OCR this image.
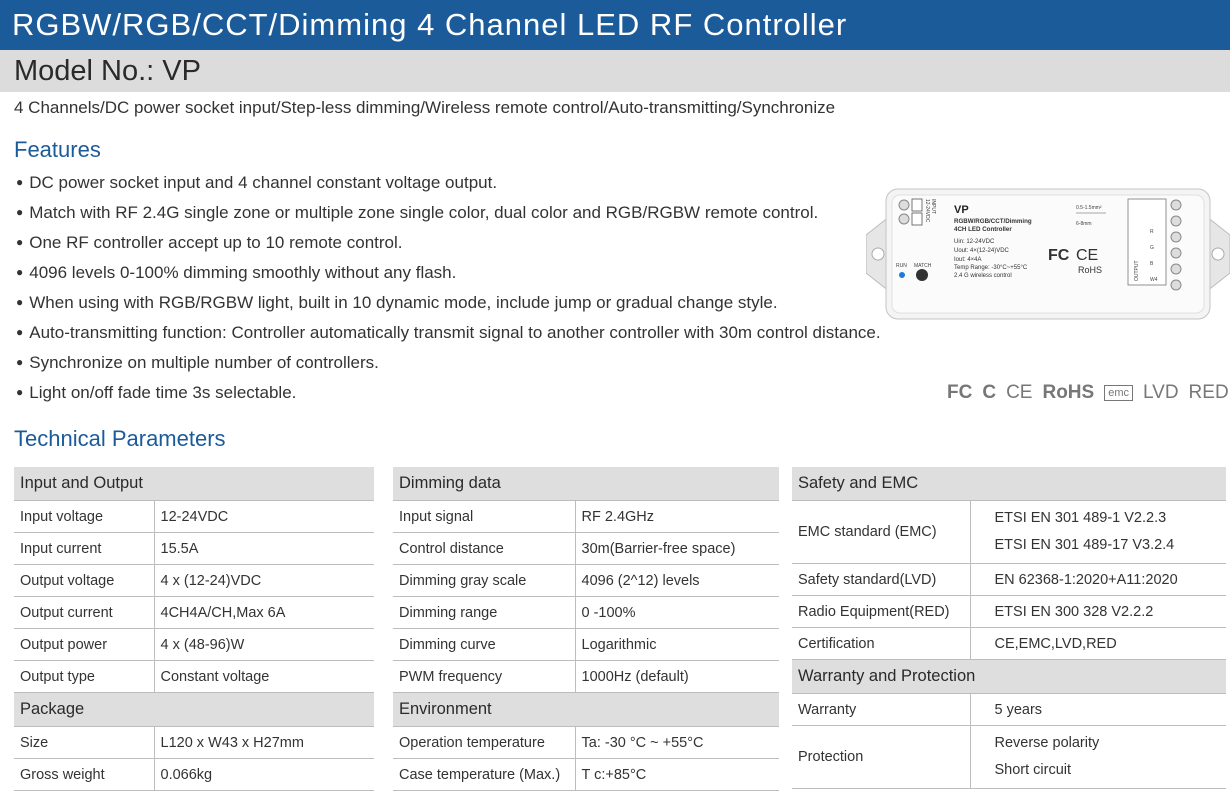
RGBW/RGB/CCT/Dimming 4 Channel LED RF Controller
Model No.: VP
4 Channels/DC power socket input/Step-less dimming/Wireless remote control/Auto-transmitting/Synchronize
Features
● DC power socket input and 4 channel constant voltage output.
● Match with RF 2.4G single zone or multiple zone single color, dual color and RGB/RGBW remote control.
● One RF controller accept up to 10 remote control.
● 4096 levels 0-100% dimming smoothly without any flash.
● When using with RGB/RGBW light, built in 10 dynamic mode, include jump or gradual change style.
● Auto-transmitting function: Controller automatically transmit signal to another controller with 30m control distance.
● Synchronize on multiple number of controllers.
● Light on/off fade time 3s selectable.
INPUT
12-24VDC
RUN MATCH
VP
RGBW/RGB/CCT/Dimming
4CH LED Controller
Uin: 12-24VDC
Uout: 4×(12-24)VDC
Iout: 4×4A
Temp Range: -30°C~+55°C
2.4 G wireless control
0.5-1.5mm²
6-8mm
FC CE
RoHS	OUTPUT W4
B
G
R
FC C CE RoHS	emc LVD RED
Technical Parameters
Input and Output	
Input voltage	12-24VDC
Input current	15.5A
Output voltage	4 x (12-24)VDC
Output current	4CH4A/CH,Max 6A
Output power	4 x (48-96)W
Output type	Constant voltage
Package	
Size	L120 x W43 x H27mm
Gross weight	0.066kg
Dimming data	
Input signal	RF 2.4GHz
Control distance	30m(Barrier-free space)
Dimming gray scale	4096 (2^12) levels
Dimming range	0 -100%
Dimming curve	Logarithmic
PWM frequency	1000Hz (default)
Environment	
Operation temperature	Ta: -30 °C ~ +55°C
Case temperature (Max.)	T c:+85°C
Safety and EMC	
EMC standard (EMC)	ETSI EN 301 489-1 V2.2.3
ETSI EN 301 489-17 V3.2.4

Safety standard(LVD)	EN 62368-1:2020+A11:2020
Radio Equipment(RED)	ETSI EN 300 328 V2.2.2
Certification	CE,EMC,LVD,RED
Warranty and Protection	
Warranty	5 years
Protection	Reverse polarity
Short circuit
